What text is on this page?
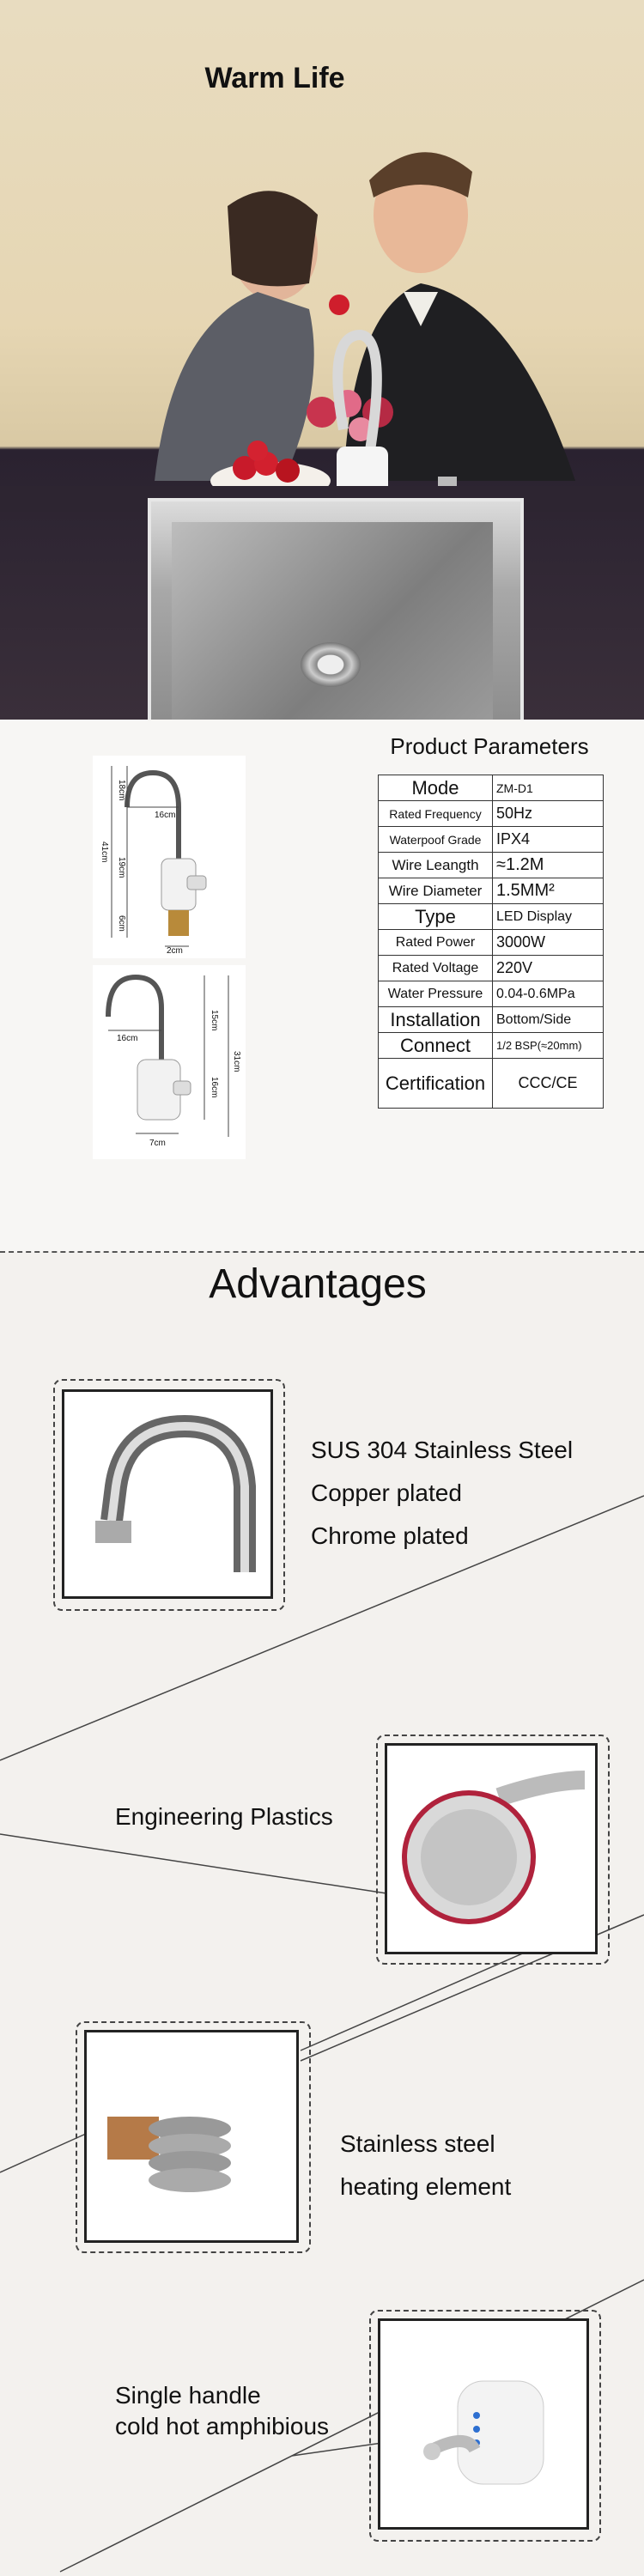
Warm Life
16cm
18cm
41cm
19cm
6cm
2cm
16cm
15cm
31cm
16cm
7cm
Product Parameters
Mode	ZM-D1
Rated Frequency	50Hz
Waterpoof Grade	IPX4
Wire Leangth	≈1.2M
Wire Diameter	1.5MM²
Type	LED Display
Rated Power	3000W
Rated Voltage	220V
Water Pressure	0.04-0.6MPa
Installation	Bottom/Side
Connect	1/2 BSP(≈20mm)
Certification	CCC/CE
Advantages
SUS 304 Stainless Steel
Copper plated
Chrome plated
Engineering Plastics
Stainless steel
heating element
Single handle
cold hot amphibious
